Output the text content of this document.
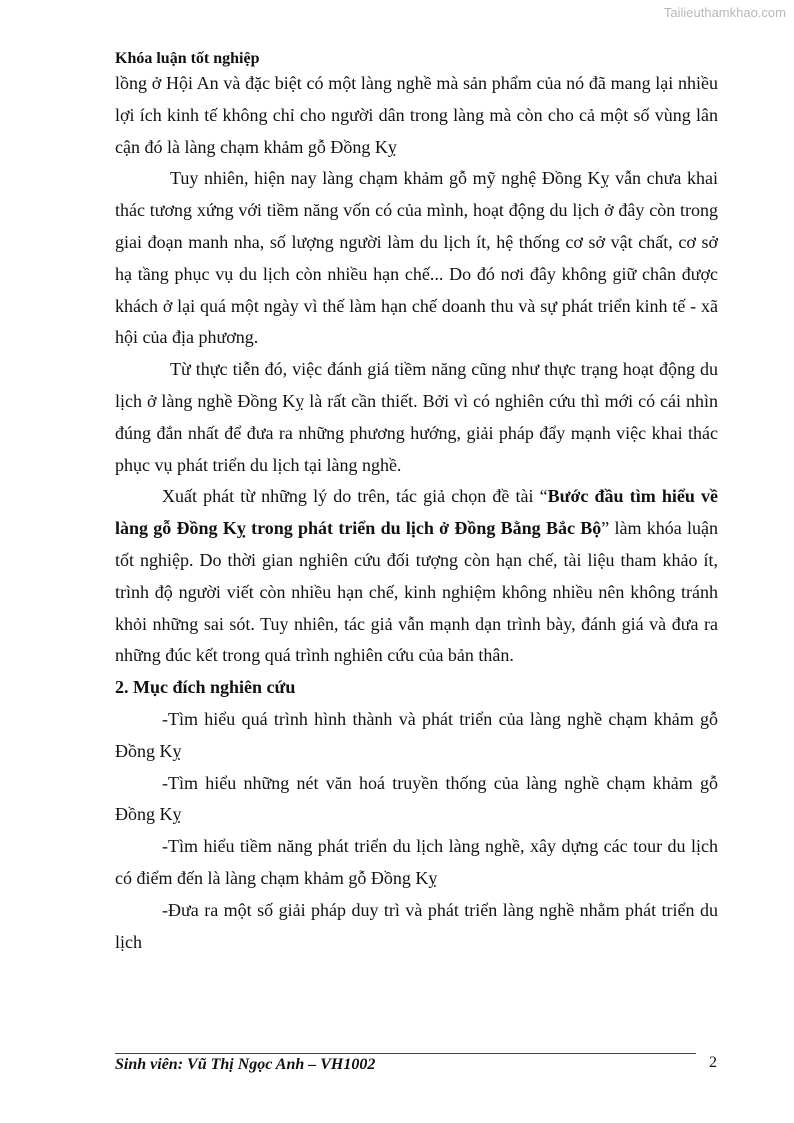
Tailieuthamkhao.com
Khóa luận tốt nghiệp

lồng ở Hội An và đặc biệt có một làng nghề mà sản phẩm của nó đã mang lại nhiều lợi ích kinh tế không chỉ cho người dân trong làng mà còn cho cả một số vùng lân cận đó là làng chạm khảm gỗ Đồng Kỵ

Tuy nhiên, hiện nay làng chạm khảm gỗ mỹ nghệ Đồng Kỵ vẫn chưa khai thác tương xứng với tiềm năng vốn có của mình, hoạt động du lịch ở đây còn trong giai đoạn manh nha, số lượng người làm du lịch ít, hệ thống cơ sở vật chất, cơ sở hạ tầng phục vụ du lịch còn nhiều hạn chế... Do đó nơi đây không giữ chân được khách ở lại quá một ngày vì thế làm hạn chế doanh thu và sự phát triển kinh tế - xã hội của địa phương.

Từ thực tiễn đó, việc đánh giá tiềm năng cũng như thực trạng hoạt động du lịch ở làng nghề Đồng Kỵ là rất cần thiết. Bởi vì có nghiên cứu thì mới có cái nhìn đúng đắn nhất để đưa ra những phương hướng, giải pháp đẩy mạnh việc khai thác phục vụ phát triển du lịch tại làng nghề.

Xuất phát từ những lý do trên, tác giả chọn đề tài “Bước đầu tìm hiểu về làng gỗ Đồng Kỵ trong phát triển du lịch ở Đồng Bằng Bắc Bộ” làm khóa luận tốt nghiệp. Do thời gian nghiên cứu đối tượng còn hạn chế, tài liệu tham khảo ít, trình độ người viết còn nhiều hạn chế, kinh nghiệm không nhiều nên không tránh khỏi những sai sót. Tuy nhiên, tác giả vẫn mạnh dạn trình bày, đánh giá và đưa ra những đúc kết trong quá trình nghiên cứu của bản thân.

2. Mục đích nghiên cứu

-Tìm hiểu quá trình hình thành và phát triển của làng nghề chạm khảm gỗ Đồng Kỵ

-Tìm hiểu những nét văn hoá truyền thống của làng nghề chạm khảm gỗ Đồng Kỵ

-Tìm hiểu tiềm năng phát triển du lịch làng nghề, xây dựng các tour du lịch có điểm đến là làng chạm khảm gỗ Đồng Kỵ

-Đưa ra một số giải pháp duy trì và phát triển làng nghề nhằm phát triển du lịch

Sinh viên: Vũ Thị Ngọc Anh – VH1002	2
